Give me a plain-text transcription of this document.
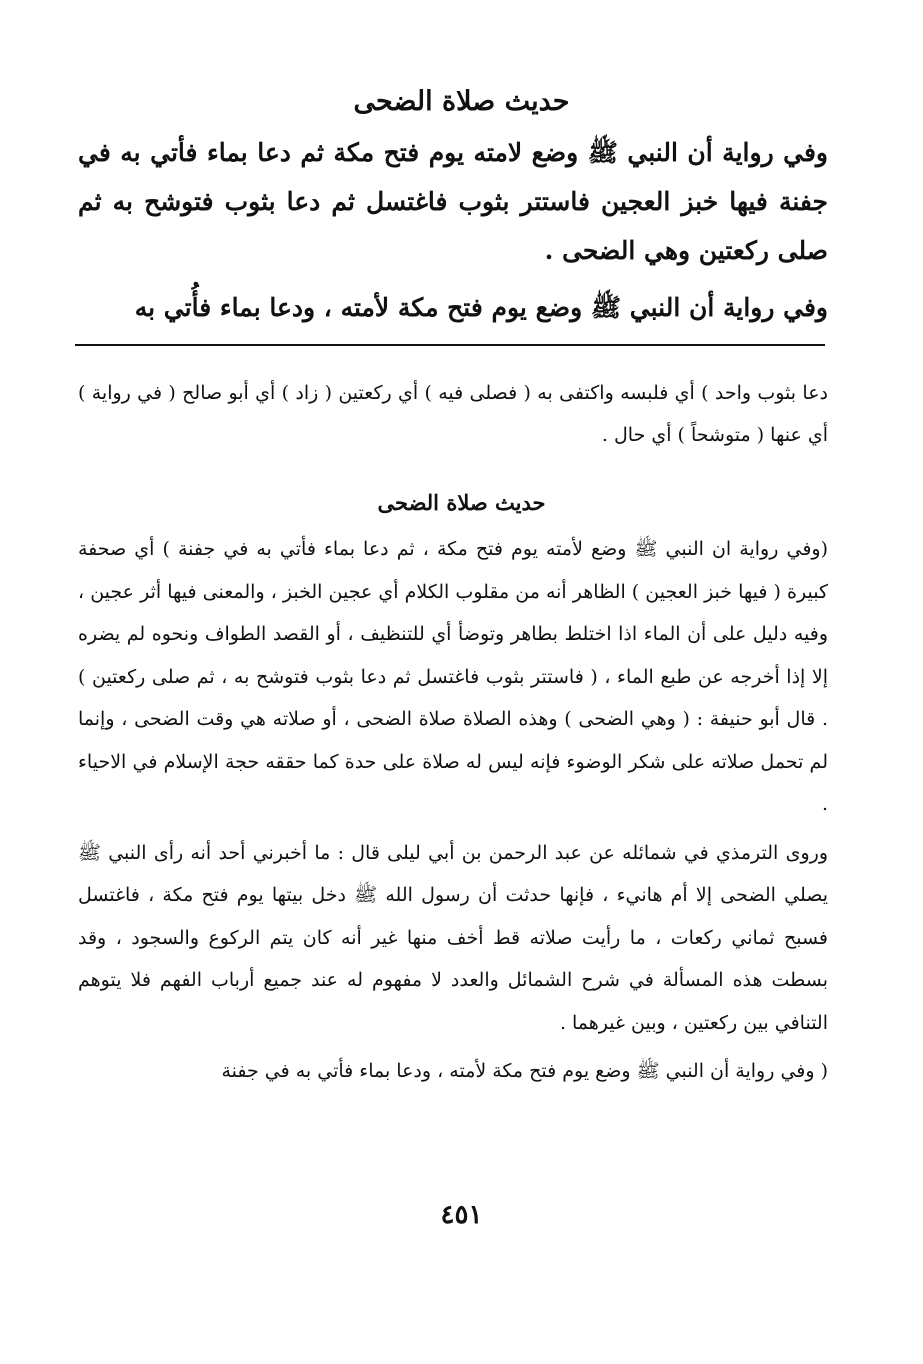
حديث صلاة الضحى

وفي رواية أن النبي ﷺ وضع لامته يوم فتح مكة ثم دعا بماء فأتي به في جفنة فيها خبز العجين فاستتر بثوب فاغتسل ثم دعا بثوب فتوشح به ثم صلى ركعتين وهي الضحى .

وفي رواية أن النبي ﷺ وضع يوم فتح مكة لأمته ، ودعا بماء فأُتي به

دعا بثوب واحد ) أي فلبسه واكتفى به ( فصلى فيه ) أي ركعتين ( زاد ) أي أبو صالح ( في رواية ) أي عنها ( متوشحاً ) أي حال .

حديث صلاة الضحى

(وفي رواية ان النبي ﷺ وضع لأمته يوم فتح مكة ، ثم دعا بماء فأتي به في جفنة ) أي صحفة كبيرة ( فيها خبز العجين ) الظاهر أنه من مقلوب الكلام أي عجين الخبز ، والمعنى فيها أثر عجين ، وفيه دليل على أن الماء اذا اختلط بطاهر وتوضأ أي للتنظيف ، أو القصد الطواف ونحوه لم يضره إلا إذا أخرجه عن طبع الماء ، ( فاستتر بثوب فاغتسل ثم دعا بثوب فتوشح به ، ثم صلى ركعتين ) . قال أبو حنيفة : ( وهي الضحى ) وهذه الصلاة صلاة الضحى ، أو صلاته هي وقت الضحى ، وإنما لم تحمل صلاته على شكر الوضوء فإنه ليس له صلاة على حدة كما حققه حجة الإسلام في الاحياء .

وروى الترمذي في شمائله عن عبد الرحمن بن أبي ليلى قال : ما أخبرني أحد أنه رأى النبي ﷺ يصلي الضحى إلا أم هانيء ، فإنها حدثت أن رسول الله ﷺ دخل بيتها يوم فتح مكة ، فاغتسل فسبح ثماني ركعات ، ما رأيت صلاته قط أخف منها غير أنه كان يتم الركوع والسجود ، وقد بسطت هذه المسألة في شرح الشمائل والعدد لا مفهوم له عند جميع أرباب الفهم فلا يتوهم التنافي بين ركعتين ، وبين غيرهما .

( وفي رواية أن النبي ﷺ وضع يوم فتح مكة لأمته ، ودعا بماء فأتي به في جفنة

٤٥١
